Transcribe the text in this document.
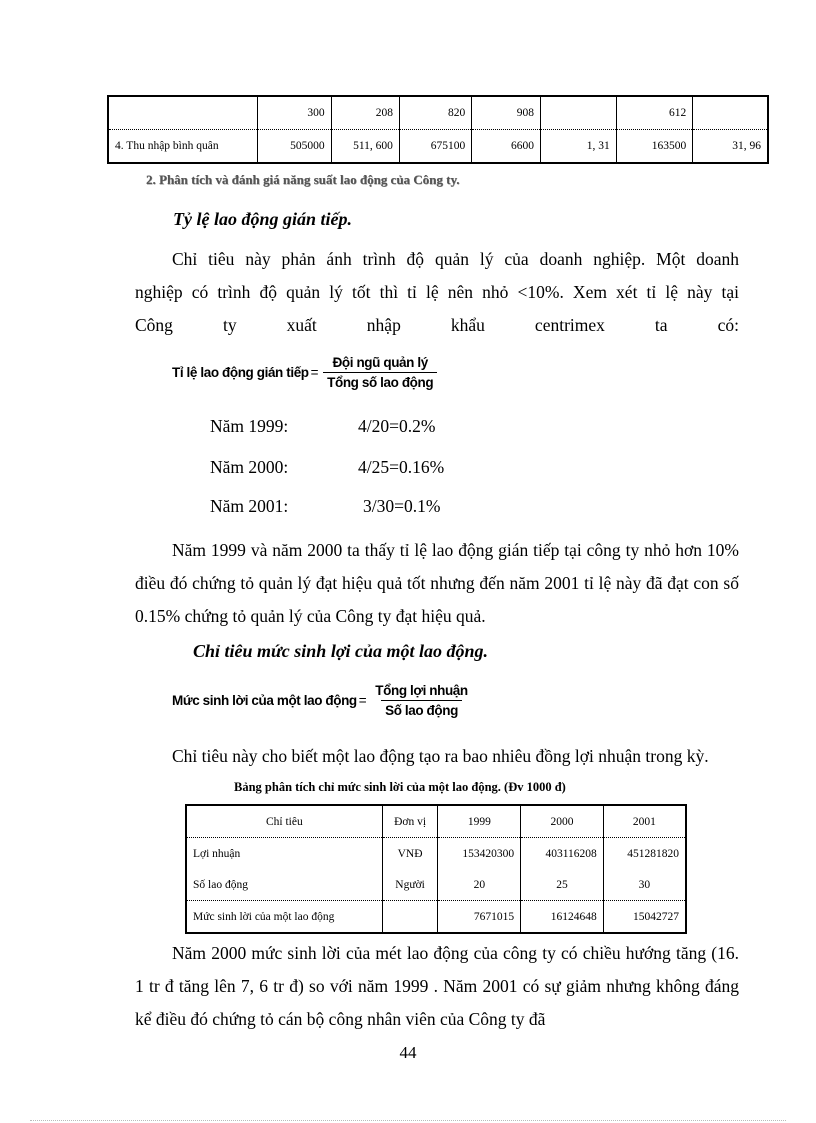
	300	208	820	908		612	
4. Thu nhập bình quân	505000	511, 600	675100	6600	1, 31	163500	31, 96
2. Phân tích và đánh giá năng suất lao động của Công ty.
Tỷ lệ lao động gián tiếp.
Chỉ tiêu này phản ánh trình độ quản lý của doanh nghiệp. Một doanh
nghiệp có trình độ quản lý tốt thì tỉ lệ nên nhỏ <10%. Xem xét tỉ lệ này tại
Công	ty	xuất	nhập	khẩu	centrimex	ta	có:
Tỉ lệ lao động gián tiếp = $\frac{\text{Đội ngũ quản lý}}{\text{Tổng số lao động}}$
Năm 1999:	4/20=0.2%
Năm 2000:	4/25=0.16%
Năm 2001:	3/30=0.1%

Năm 1999 và năm 2000 ta thấy tỉ lệ lao động gián tiếp tại công ty nhỏ hơn 10% điều đó chứng tỏ quản lý đạt hiệu quả tốt nhưng đến năm 2001 tỉ lệ này đã đạt con số 0.15% chứng tỏ quản lý của Công ty đạt hiệu quả.

Chỉ tiêu mức sinh lợi của một lao động.
Mức sinh lời của một lao động = $\frac{\text{Tổng lợi nhuận}}{\text{Số lao động}}$

Chỉ tiêu này cho biết một lao động tạo ra bao nhiêu đồng lợi nhuận trong kỳ.

Bảng phân tích chỉ mức sinh lời của một lao động. (Đv 1000 đ)
Chỉ tiêu	Đơn vị	1999	2000	2001
Lợi nhuận	VNĐ	153420300	403116208	451281820
Số lao động	Người	20	25	30
Mức sinh lời của một lao động		7671015	16124648	15042727

Năm 2000 mức sinh lời của mét lao động của công ty có chiều hướng tăng (16. 1 tr đ tăng lên 7, 6 tr đ) so với năm 1999 . Năm 2001 có sự giảm nhưng không đáng kể điều đó chứng tỏ cán bộ công nhân viên của Công ty đã

44
